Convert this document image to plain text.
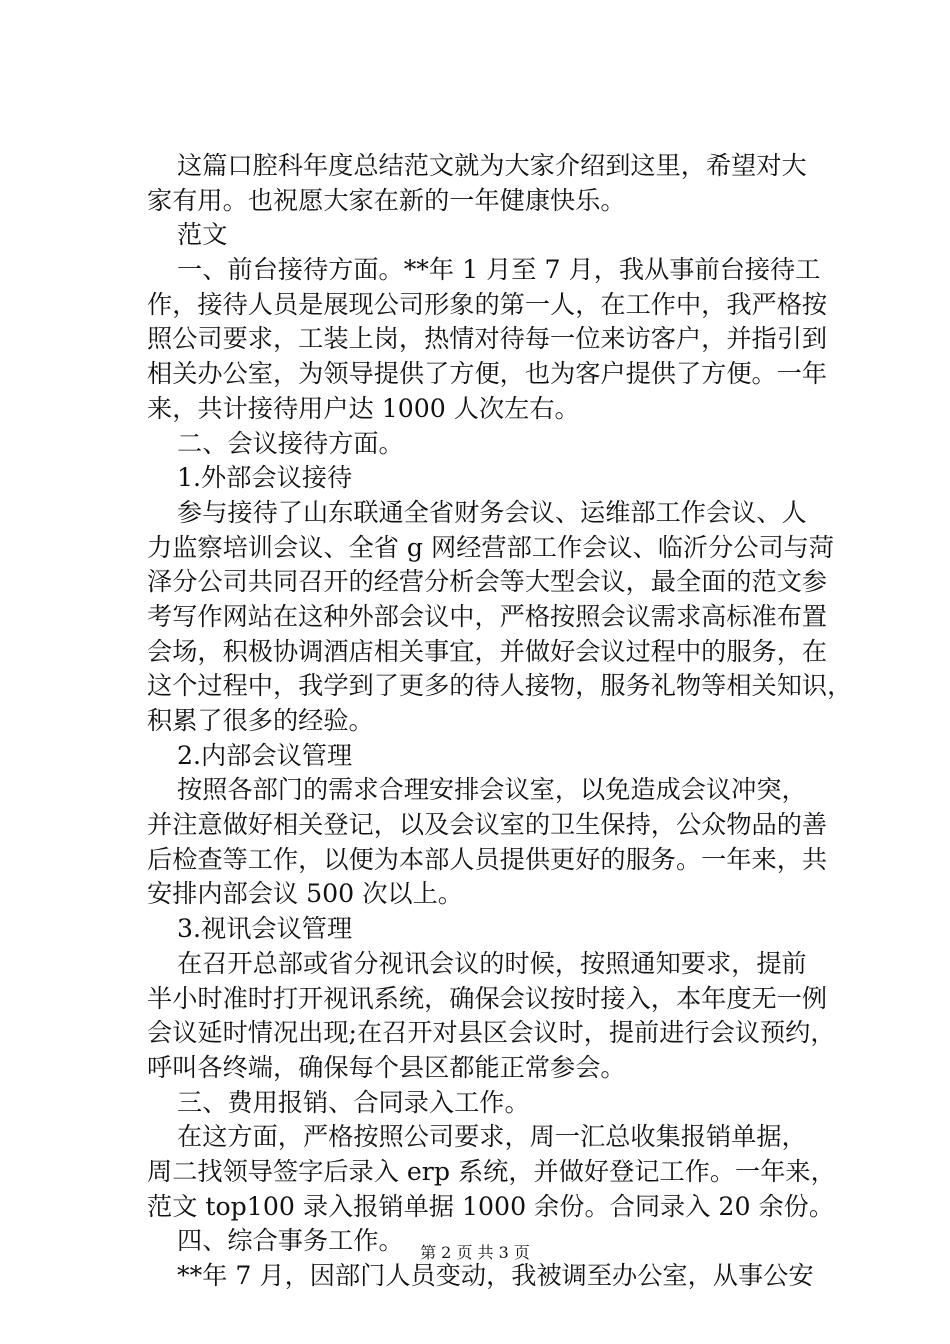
这篇口腔科年度总结范文就为大家介绍到这里，希望对大
家有用。也祝愿大家在新的一年健康快乐。
范文
一、前台接待方面。**年 1 月至 7 月，我从事前台接待工
作，接待人员是展现公司形象的第一人，在工作中，我严格按
照公司要求，工装上岗，热情对待每一位来访客户，并指引到
相关办公室，为领导提供了方便，也为客户提供了方便。一年
来，共计接待用户达 1000 人次左右。
二、会议接待方面。
1.外部会议接待
参与接待了山东联通全省财务会议、运维部工作会议、人
力监察培训会议、全省 g 网经营部工作会议、临沂分公司与菏
泽分公司共同召开的经营分析会等大型会议，最全面的范文参
考写作网站在这种外部会议中，严格按照会议需求高标准布置
会场，积极协调酒店相关事宜，并做好会议过程中的服务，在
这个过程中，我学到了更多的待人接物，服务礼物等相关知识，
积累了很多的经验。
2.内部会议管理
按照各部门的需求合理安排会议室，以免造成会议冲突，
并注意做好相关登记，以及会议室的卫生保持，公众物品的善
后检查等工作，以便为本部人员提供更好的服务。一年来，共
安排内部会议 500 次以上。
3.视讯会议管理
在召开总部或省分视讯会议的时候，按照通知要求，提前
半小时准时打开视讯系统，确保会议按时接入，本年度无一例
会议延时情况出现;在召开对县区会议时，提前进行会议预约，
呼叫各终端，确保每个县区都能正常参会。
三、费用报销、合同录入工作。
在这方面，严格按照公司要求，周一汇总收集报销单据，
周二找领导签字后录入 erp 系统，并做好登记工作。一年来，
范文 top100 录入报销单据 1000 余份。合同录入 20 余份。
四、综合事务工作。
**年 7 月，因部门人员变动，我被调至办公室，从事公安
第 2 页 共 3 页
